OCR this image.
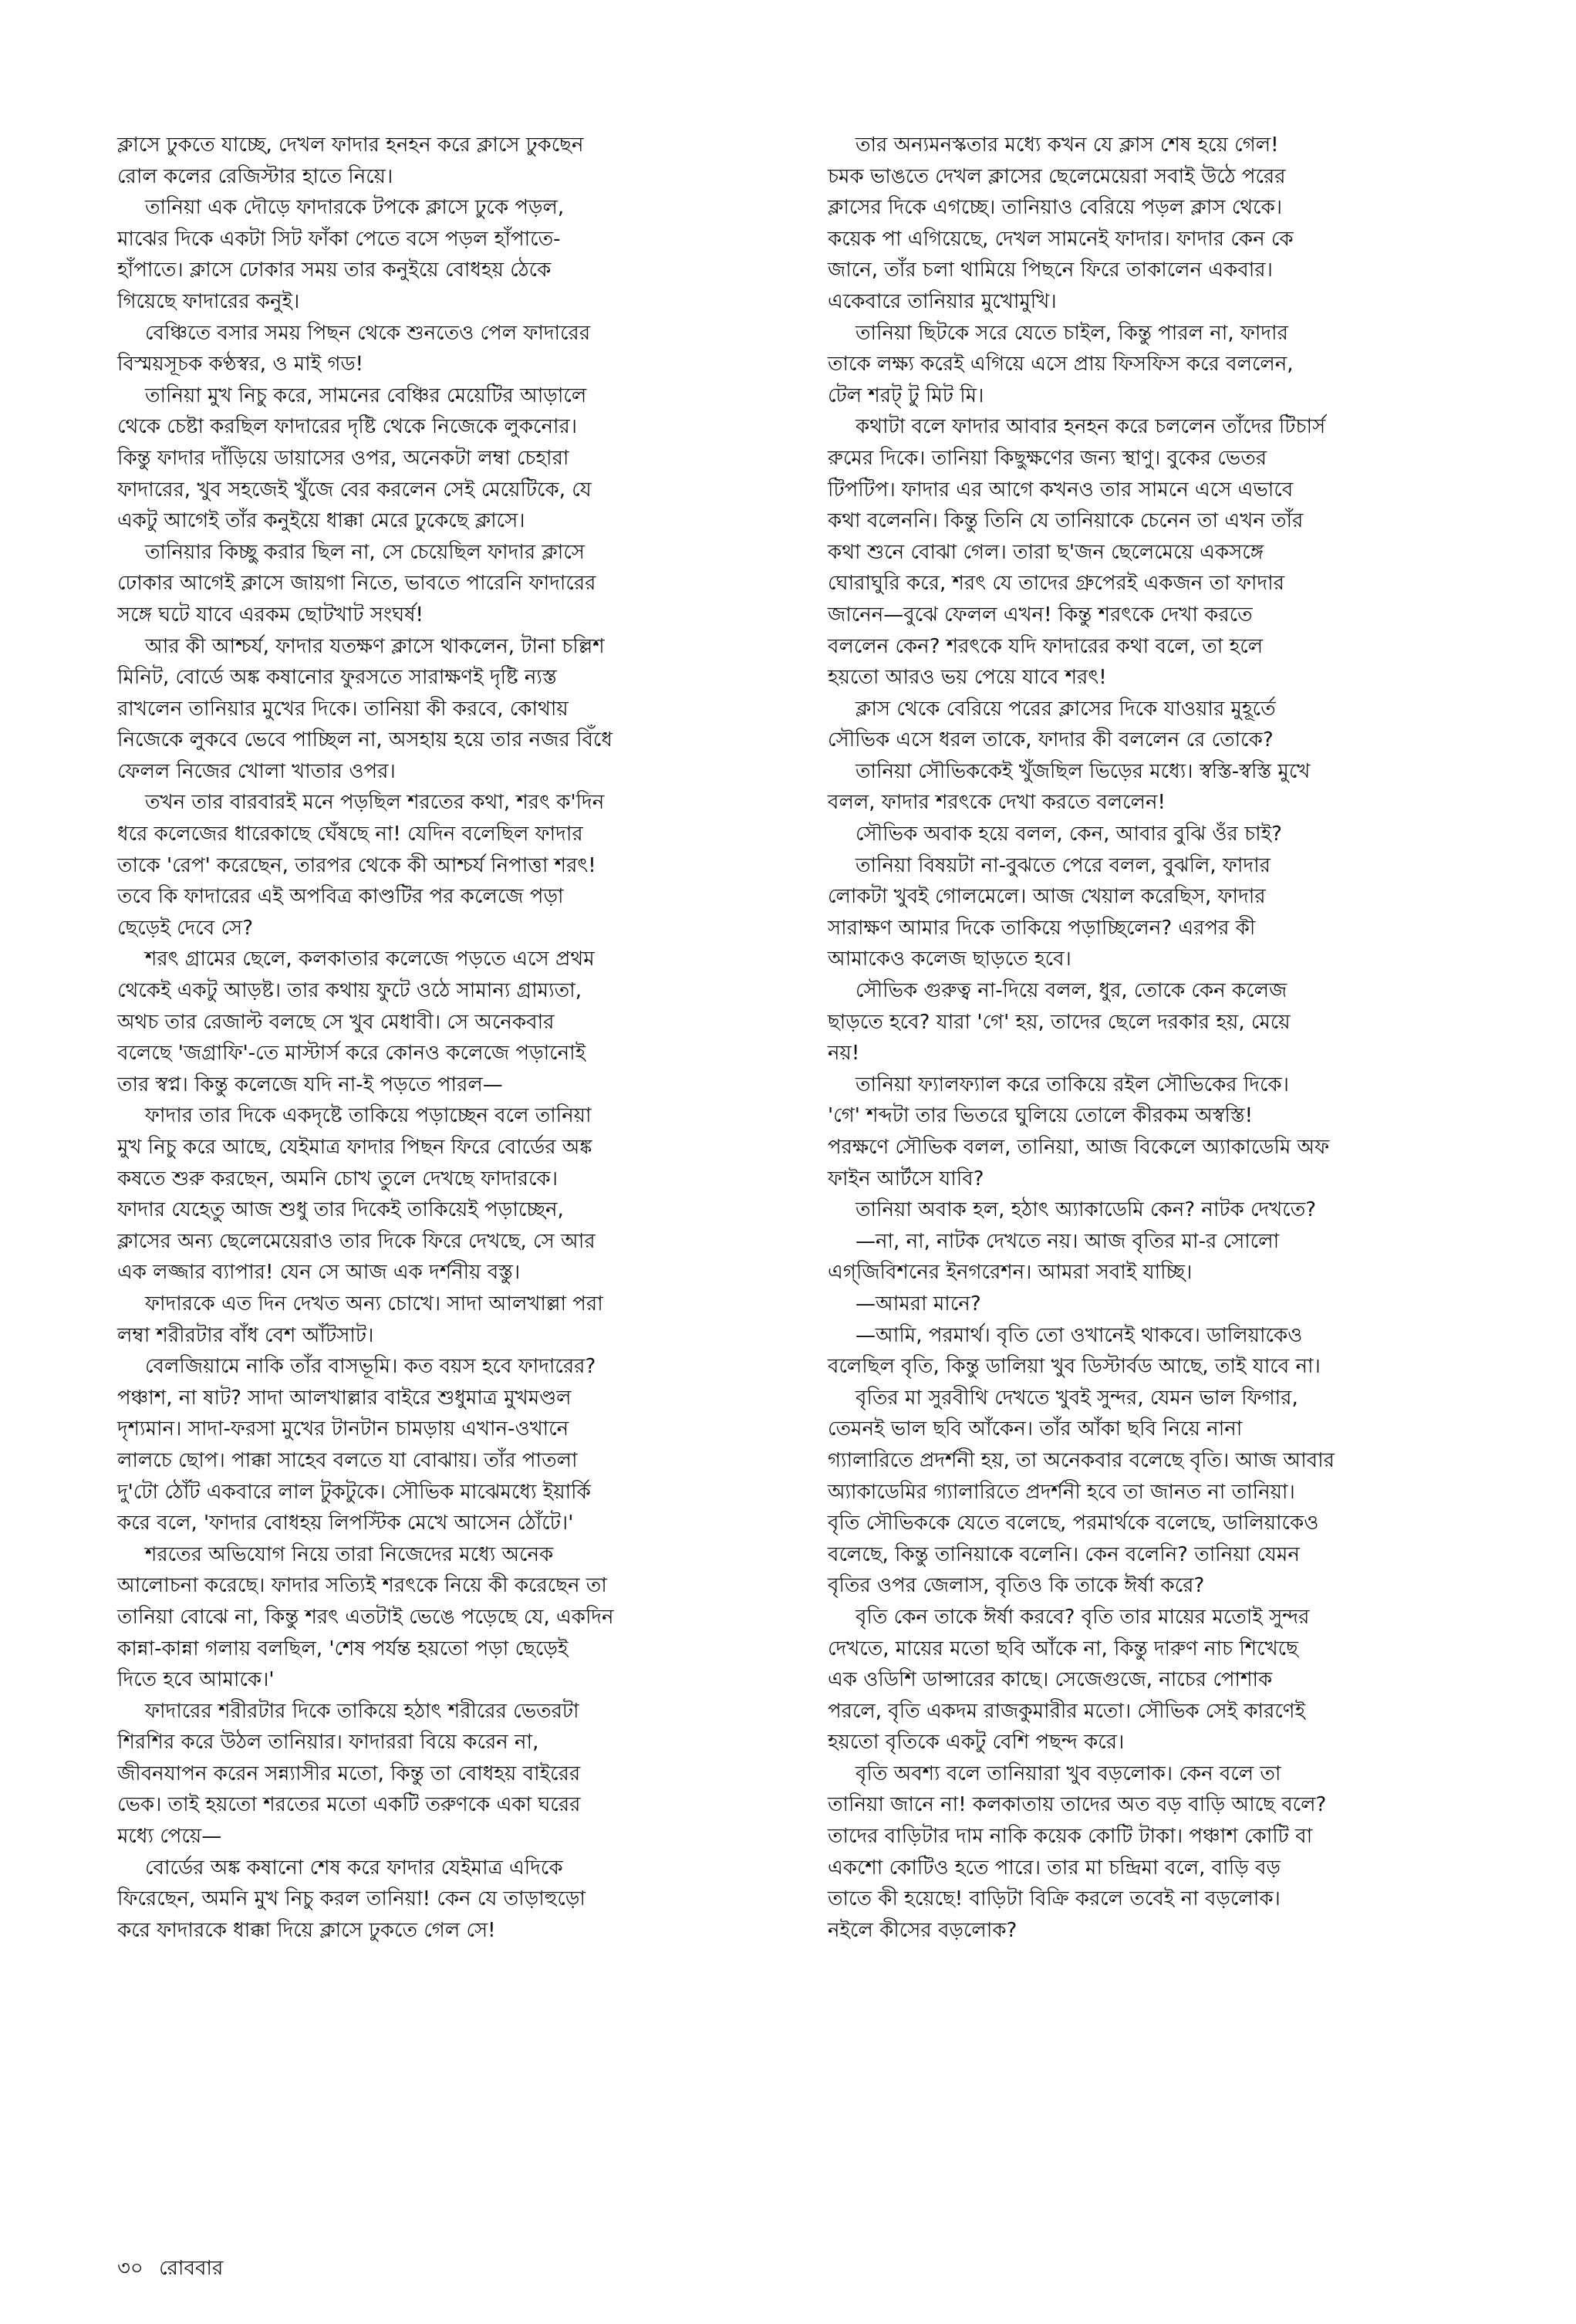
ক্লাসে ঢুকতে যাচ্ছে, দেখল ফাদার হনহন করে ক্লাসে ঢুকছেন
রোল কলের রেজিস্টার হাতে নিয়ে।

তানিয়া এক দৌড়ে ফাদারকে টপকে ক্লাসে ঢুকে পড়ল,
মাঝের দিকে একটা সিট ফাঁকা পেতে বসে পড়ল হাঁপাতে-
হাঁপাতে। ক্লাসে ঢোকার সময় তার কনুইয়ে বোধহয় ঠেকে
গিয়েছে ফাদারের কনুই।

বেঞ্চিতে বসার সময় পিছন থেকে শুনতেও পেল ফাদারের
বিস্ময়সূচক কণ্ঠস্বর, ও মাই গড!

তানিয়া মুখ নিচু করে, সামনের বেঞ্চির মেয়েটির আড়ালে
থেকে চেষ্টা করছিল ফাদারের দৃষ্টি থেকে নিজেকে লুকনোর।
কিন্তু ফাদার দাঁড়িয়ে ডায়াসের ওপর, অনেকটা লম্বা চেহারা
ফাদারের, খুব সহজেই খুঁজে বের করলেন সেই মেয়েটিকে, যে
একটু আগেই তাঁর কনুইয়ে ধাক্কা মেরে ঢুকেছে ক্লাসে।

তানিয়ার কিচ্ছু করার ছিল না, সে চেয়েছিল ফাদার ক্লাসে
ঢোকার আগেই ক্লাসে জায়গা নিতে, ভাবতে পারেনি ফাদারের
সঙ্গে ঘটে যাবে এরকম ছোটখাট সংঘর্ষ!

আর কী আশ্চর্য, ফাদার যতক্ষণ ক্লাসে থাকলেন, টানা চল্লিশ
মিনিট, বোর্ডে অঙ্ক কষানোর ফুরসতে সারাক্ষণই দৃষ্টি ন্যস্ত
রাখলেন তানিয়ার মুখের দিকে। তানিয়া কী করবে, কোথায়
নিজেকে লুকবে ভেবে পাচ্ছিল না, অসহায় হয়ে তার নজর বিঁধে
ফেলল নিজের খোলা খাতার ওপর।

তখন তার বারবারই মনে পড়ছিল শরতের কথা, শরৎ ক'দিন
ধরে কলেজের ধারেকাছে ঘেঁষছে না! যেদিন বলেছিল ফাদার
তাকে 'রেপ' করেছেন, তারপর থেকে কী আশ্চর্য নিপাত্তা শরৎ!
তবে কি ফাদারের এই অপবিত্র কাণ্ডটির পর কলেজে পড়া
ছেড়েই দেবে সে?

শরৎ গ্রামের ছেলে, কলকাতার কলেজে পড়তে এসে প্রথম
থেকেই একটু আড়ষ্ট। তার কথায় ফুটে ওঠে সামান্য গ্রাম্যতা,
অথচ তার রেজাল্ট বলছে সে খুব মেধাবী। সে অনেকবার
বলেছে 'জগ্রাফি'-তে মাস্টার্স করে কোনও কলেজে পড়ানোই
তার স্বপ্ন। কিন্তু কলেজে যদি না-ই পড়তে পারল—

ফাদার তার দিকে একদৃষ্টে তাকিয়ে পড়াচ্ছেন বলে তানিয়া
মুখ নিচু করে আছে, যেইমাত্র ফাদার পিছন ফিরে বোর্ডের অঙ্ক
কষতে শুরু করছেন, অমনি চোখ তুলে দেখছে ফাদারকে।
ফাদার যেহেতু আজ শুধু তার দিকেই তাকিয়েই পড়াচ্ছেন,
ক্লাসের অন্য ছেলেমেয়েরাও তার দিকে ফিরে দেখছে, সে আর
এক লজ্জার ব্যাপার! যেন সে আজ এক দর্শনীয় বস্তু।

ফাদারকে এত দিন দেখত অন্য চোখে। সাদা আলখাল্লা পরা
লম্বা শরীরটার বাঁধ বেশ আঁটসাট।

বেলজিয়ামে নাকি তাঁর বাসভূমি। কত বয়স হবে ফাদারের?
পঞ্চাশ, না ষাট? সাদা আলখাল্লার বাইরে শুধুমাত্র মুখমণ্ডল
দৃশ্যমান। সাদা-ফরসা মুখের টানটান চামড়ায় এখান-ওখানে
লালচে ছোপ। পাক্কা সাহেব বলতে যা বোঝায়। তাঁর পাতলা
দু'টো ঠোঁট একবারে লাল টুকটুকে। সৌভিক মাঝেমধ্যে ইয়ার্কি
করে বলে, 'ফাদার বোধহয় লিপস্টিক মেখে আসেন ঠোঁটে।'

শরতের অভিযোগ নিয়ে তারা নিজেদের মধ্যে অনেক
আলোচনা করেছে। ফাদার সত্যিই শরৎকে নিয়ে কী করেছেন তা
তানিয়া বোঝে না, কিন্তু শরৎ এতটাই ভেঙে পড়েছে যে, একদিন
কান্না-কান্না গলায় বলছিল, 'শেষ পর্যন্ত হয়তো পড়া ছেড়েই
দিতে হবে আমাকে।'

ফাদারের শরীরটার দিকে তাকিয়ে হঠাৎ শরীরের ভেতরটা
শিরশির করে উঠল তানিয়ার। ফাদাররা বিয়ে করেন না,
জীবনযাপন করেন সন্ন্যাসীর মতো, কিন্তু তা বোধহয় বাইরের
ভেক। তাই হয়তো শরতের মতো একটি তরুণকে একা ঘরের
মধ্যে পেয়ে—

বোর্ডের অঙ্ক কষানো শেষ করে ফাদার যেইমাত্র এদিকে
ফিরেছেন, অমনি মুখ নিচু করল তানিয়া! কেন যে তাড়াহুড়ো
করে ফাদারকে ধাক্কা দিয়ে ক্লাসে ঢুকতে গেল সে!

তার অন্যমনস্কতার মধ্যে কখন যে ক্লাস শেষ হয়ে গেল!
চমক ভাঙতে দেখল ক্লাসের ছেলেমেয়েরা সবাই উঠে পরের
ক্লাসের দিকে এগচ্ছে। তানিয়াও বেরিয়ে পড়ল ক্লাস থেকে।
কয়েক পা এগিয়েছে, দেখল সামনেই ফাদার। ফাদার কেন কে
জানে, তাঁর চলা থামিয়ে পিছনে ফিরে তাকালেন একবার।
একেবারে তানিয়ার মুখোমুখি।

তানিয়া ছিটকে সরে যেতে চাইল, কিন্তু পারল না, ফাদার
তাকে লক্ষ্য করেই এগিয়ে এসে প্রায় ফিসফিস করে বললেন,
টেল শরট্ টু মিট মি।

কথাটা বলে ফাদার আবার হনহন করে চললেন তাঁদের টিচার্স
রুমের দিকে। তানিয়া কিছুক্ষণের জন্য স্থাণু। বুকের ভেতর
টিপটিপ। ফাদার এর আগে কখনও তার সামনে এসে এভাবে
কথা বলেননি। কিন্তু তিনি যে তানিয়াকে চেনেন তা এখন তাঁর
কথা শুনে বোঝা গেল। তারা ছ'জন ছেলেমেয়ে একসঙ্গে
ঘোরাঘুরি করে, শরৎ যে তাদের গ্রুপেরই একজন তা ফাদার
জানেন—বুঝে ফেলল এখন! কিন্তু শরৎকে দেখা করতে
বললেন কেন? শরৎকে যদি ফাদারের কথা বলে, তা হলে
হয়তো আরও ভয় পেয়ে যাবে শরৎ!

ক্লাস থেকে বেরিয়ে পরের ক্লাসের দিকে যাওয়ার মুহূর্তে
সৌভিক এসে ধরল তাকে, ফাদার কী বললেন রে তোকে?

তানিয়া সৌভিককেই খুঁজছিল ভিড়ের মধ্যে। স্বস্তি-স্বস্তি মুখে
বলল, ফাদার শরৎকে দেখা করতে বললেন!

সৌভিক অবাক হয়ে বলল, কেন, আবার বুঝি ওঁর চাই?

তানিয়া বিষয়টা না-বুঝতে পেরে বলল, বুঝলি, ফাদার
লোকটা খুবই গোলমেলে। আজ খেয়াল করেছিস, ফাদার
সারাক্ষণ আমার দিকে তাকিয়ে পড়াচ্ছিলেন? এরপর কী
আমাকেও কলেজ ছাড়তে হবে।

সৌভিক গুরুত্ব না-দিয়ে বলল, ধুর, তোকে কেন কলেজ
ছাড়তে হবে? যারা 'গে' হয়, তাদের ছেলে দরকার হয়, মেয়ে
নয়!

তানিয়া ফ্যালফ্যাল করে তাকিয়ে রইল সৌভিকের দিকে।
'গে' শব্দটা তার ভিতরে ঘুলিয়ে তোলে কীরকম অস্বস্তি!
পরক্ষণে সৌভিক বলল, তানিয়া, আজ বিকেলে অ্যাকাডেমি অফ
ফাইন আর্টসে যাবি?

তানিয়া অবাক হল, হঠাৎ অ্যাকাডেমি কেন? নাটক দেখতে?

—না, না, নাটক দেখতে নয়। আজ বৃতির মা-র সোলো
এগ্‌জিবিশনের ইনগরেশন। আমরা সবাই যাচ্ছি।

—আমরা মানে?

—আমি, পরমার্থ। বৃতি তো ওখানেই থাকবে। ডালিয়াকেও
বলেছিল বৃতি, কিন্তু ডালিয়া খুব ডিস্টার্বড আছে, তাই যাবে না।

বৃতির মা সুরবীথি দেখতে খুবই সুন্দর, যেমন ভাল ফিগার,
তেমনই ভাল ছবি আঁকেন। তাঁর আঁকা ছবি নিয়ে নানা
গ্যালারিতে প্রদর্শনী হয়, তা অনেকবার বলেছে বৃতি। আজ আবার
অ্যাকাডেমির গ্যালারিতে প্রদর্শনী হবে তা জানত না তানিয়া।
বৃতি সৌভিককে যেতে বলেছে, পরমার্থকে বলেছে, ডালিয়াকেও
বলেছে, কিন্তু তানিয়াকে বলেনি। কেন বলেনি? তানিয়া যেমন
বৃতির ওপর জেলাস, বৃতিও কি তাকে ঈর্ষা করে?

বৃতি কেন তাকে ঈর্ষা করবে? বৃতি তার মায়ের মতোই সুন্দর
দেখতে, মায়ের মতো ছবি আঁকে না, কিন্তু দারুণ নাচ শিখেছে
এক ওডিশি ডান্সারের কাছে। সেজেগুজে, নাচের পোশাক
পরলে, বৃতি একদম রাজকুমারীর মতো। সৌভিক সেই কারণেই
হয়তো বৃতিকে একটু বেশি পছন্দ করে।

বৃতি অবশ্য বলে তানিয়ারা খুব বড়লোক। কেন বলে তা
তানিয়া জানে না! কলকাতায় তাদের অত বড় বাড়ি আছে বলে?
তাদের বাড়িটার দাম নাকি কয়েক কোটি টাকা। পঞ্চাশ কোটি বা
একশো কোটিও হতে পারে। তার মা চন্দ্রিমা বলে, বাড়ি বড়
তাতে কী হয়েছে! বাড়িটা বিক্রি করলে তবেই না বড়লোক।
নইলে কীসের বড়লোক?

৩০ রোববার
